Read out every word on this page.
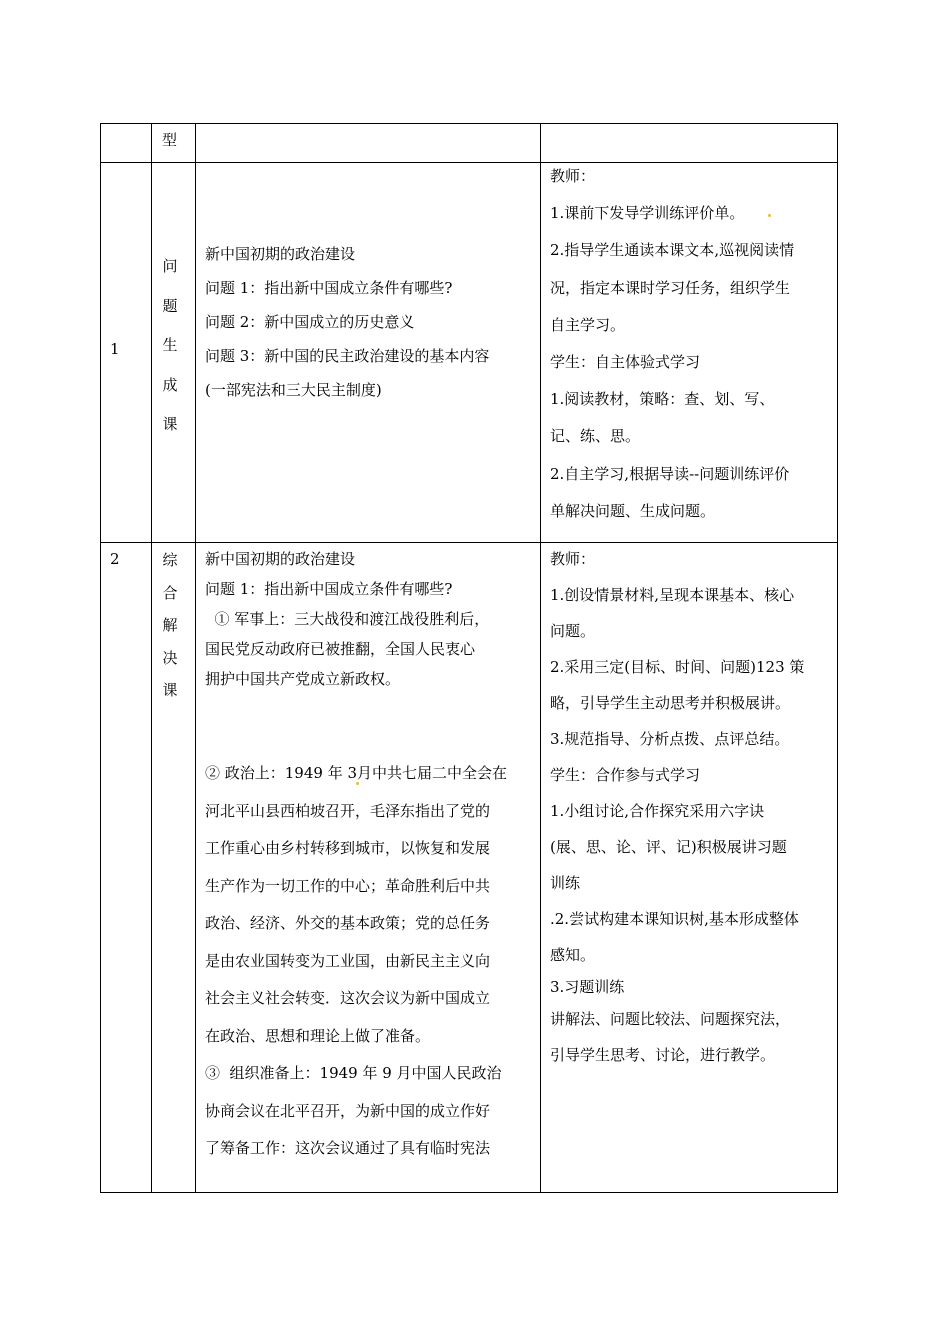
型
1
问
题
生
成
课
新中国初期的政治建设
问题 1：指出新中国成立条件有哪些?
问题 2：新中国成立的历史意义
问题 3：新中国的民主政治建设的基本内容
(一部宪法和三大民主制度)
教师：
1.课前下发导学训练评价单。
2.指导学生通读本课文本,巡视阅读情
况，指定本课时学习任务，组织学生
自主学习。
学生：自主体验式学习
1.阅读教材，策略：查、划、写、
记、练、思。
2.自主学习,根据导读--问题训练评价
单解决问题、生成问题。
2	综
合
解
决
课
新中国初期的政治建设
问题 1：指出新中国成立条件有哪些?
① 军事上：三大战役和渡江战役胜利后，
国民党反动政府已被推翻，全国人民衷心
拥护中国共产党成立新政权。
② 政治上：1949 年 3月中共七届二中全会在
河北平山县西柏坡召开，毛泽东指出了党的
工作重心由乡村转移到城市，以恢复和发展
生产作为一切工作的中心；革命胜利后中共
政治、经济、外交的基本政策；党的总任务
是由农业国转变为工业国，由新民主主义向
社会主义社会转变．这次会议为新中国成立
在政治、思想和理论上做了准备。
③  组织准备上：1949 年 9 月中国人民政治
协商会议在北平召开，为新中国的成立作好
了筹备工作：这次会议通过了具有临时宪法
教师：
1.创设情景材料,呈现本课基本、核心
问题。
2.采用三定(目标、时间、问题)123 策
略，引导学生主动思考并积极展讲。
3.规范指导、分析点拨、点评总结。
学生：合作参与式学习
1.小组讨论,合作探究采用六字诀
(展、思、论、评、记)积极展讲习题
训练
.2.尝试构建本课知识树,基本形成整体
感知。
3.习题训练
讲解法、问题比较法、问题探究法，
引导学生思考、讨论，进行教学。
